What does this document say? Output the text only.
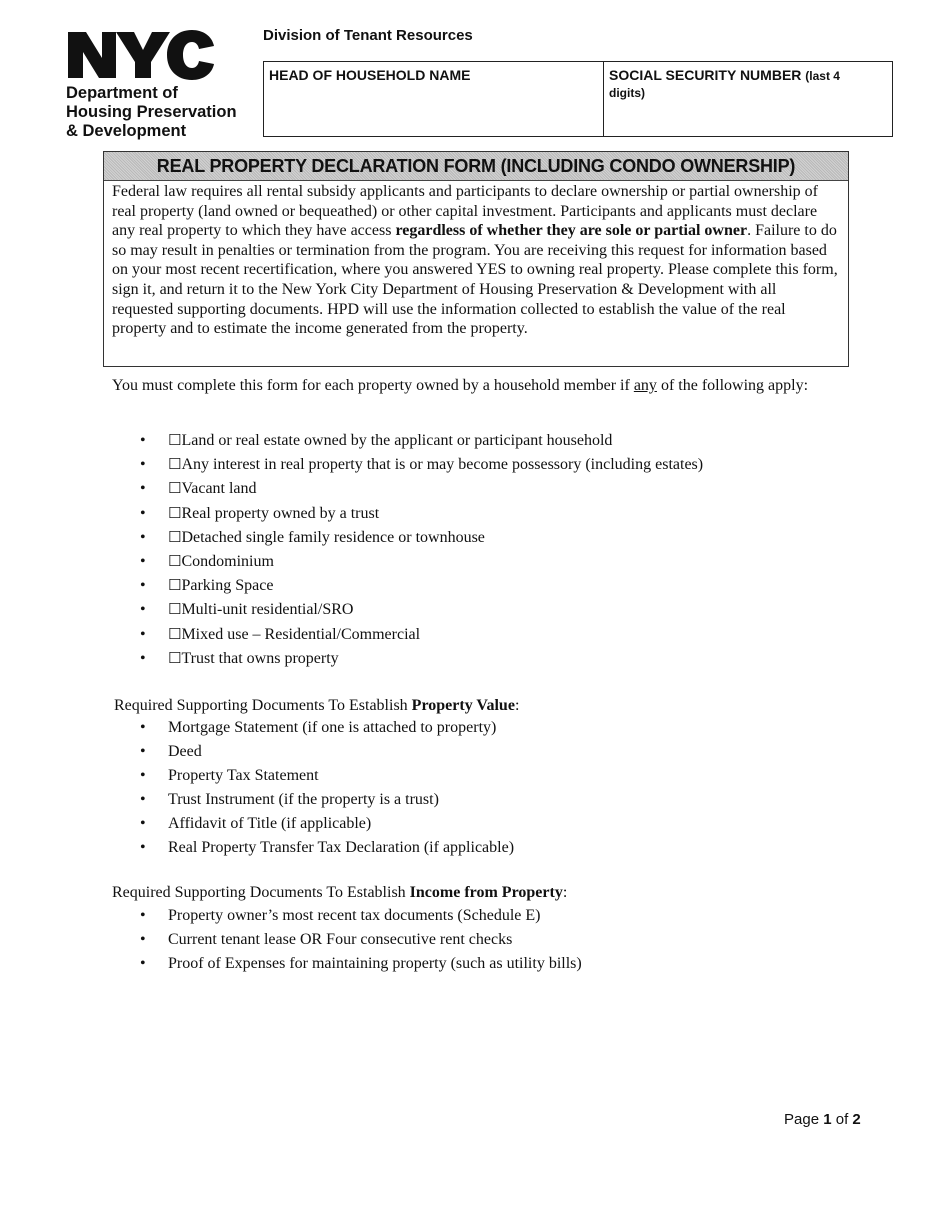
Department of
Housing Preservation
& Development
Division of Tenant Resources
HEAD OF HOUSEHOLD NAME	SOCIAL SECURITY NUMBER (last 4
digits)
REAL PROPERTY DECLARATION FORM (INCLUDING CONDO OWNERSHIP)
Federal law requires all rental subsidy applicants and participants to declare ownership or partial ownership of real property (land owned or bequeathed) or other capital investment. Participants and applicants must declare any real property to which they have access regardless of whether they are sole or partial owner. Failure to do so may result in penalties or termination from the program. You are receiving this request for information based on your most recent recertification, where you answered YES to owning real property. Please complete this form, sign it, and return it to the New York City Department of Housing Preservation & Development with all requested supporting documents. HPD will use the information collected to establish the value of the real property and to estimate the income generated from the property.
You must complete this form for each property owned by a household member if any of the following apply:
• ☐Land or real estate owned by the applicant or participant household
• ☐Any interest in real property that is or may become possessory (including estates)
• ☐Vacant land
• ☐Real property owned by a trust
• ☐Detached single family residence or townhouse
• ☐Condominium
• ☐Parking Space
• ☐Multi-unit residential/SRO
• ☐Mixed use – Residential/Commercial
• ☐Trust that owns property
Required Supporting Documents To Establish Property Value:
• Mortgage Statement (if one is attached to property)
• Deed
• Property Tax Statement
• Trust Instrument (if the property is a trust)
• Affidavit of Title (if applicable)
• Real Property Transfer Tax Declaration (if applicable)
Required Supporting Documents To Establish Income from Property:
• Property owner’s most recent tax documents (Schedule E)
• Current tenant lease OR Four consecutive rent checks
• Proof of Expenses for maintaining property (such as utility bills)
Page 1 of 2
